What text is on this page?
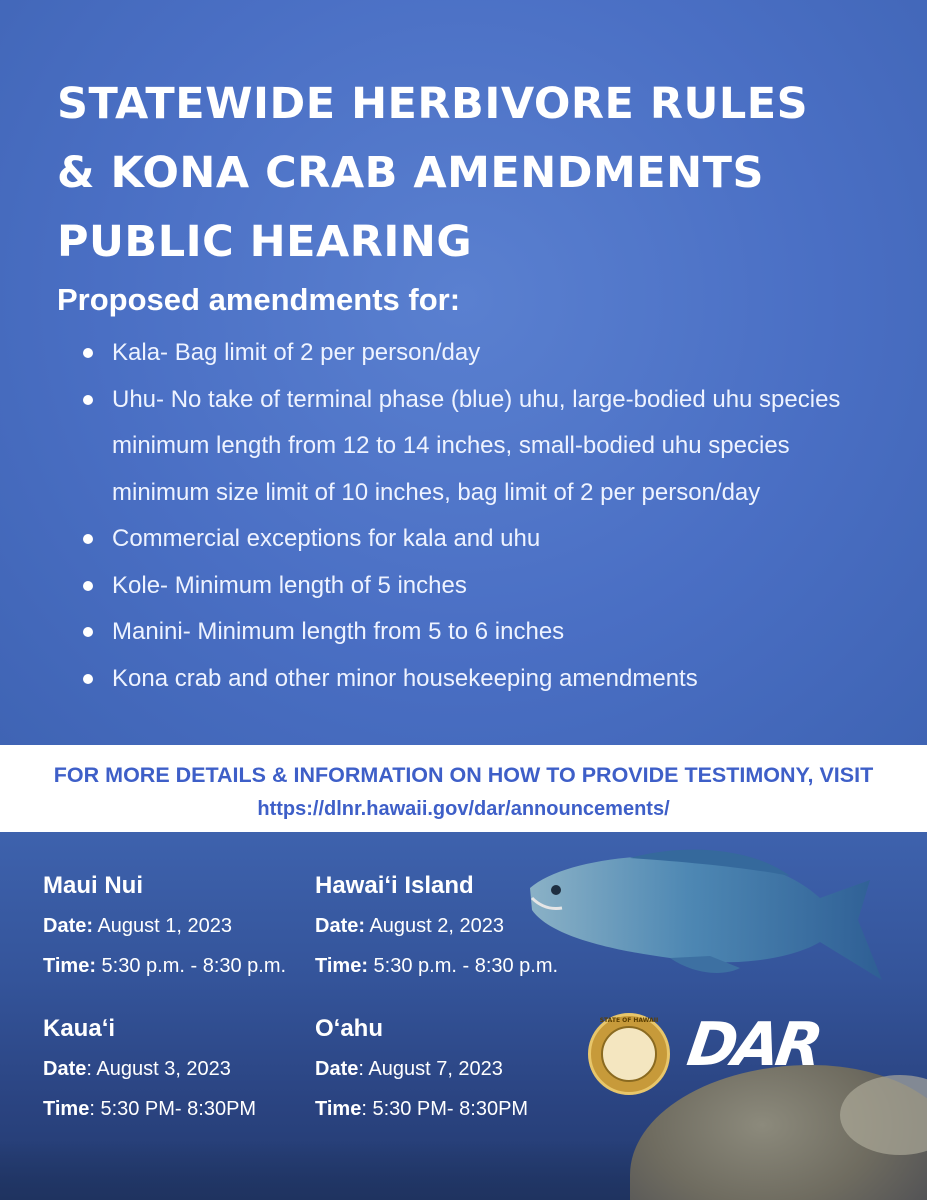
STATEWIDE HERBIVORE RULES
& KONA CRAB AMENDMENTS
PUBLIC HEARING
Proposed amendments for:
Kala- Bag limit of 2 per person/day
Uhu- No take of terminal phase (blue) uhu, large-bodied uhu species minimum length from 12 to 14 inches, small-bodied uhu species minimum size limit of 10 inches, bag limit of 2 per person/day
Commercial exceptions for kala and uhu
Kole- Minimum length of 5 inches
Manini- Minimum length from 5 to 6 inches
Kona crab and other minor housekeeping amendments
FOR MORE DETAILS & INFORMATION ON HOW TO PROVIDE TESTIMONY, VISIT
https://dlnr.hawaii.gov/dar/announcements/
Maui Nui
Date: August 1, 2023
Time: 5:30 p.m. - 8:30 p.m.
Hawaiʻi Island
Date: August 2, 2023
Time: 5:30 p.m. - 8:30 p.m.
Kauaʻi
Date: August 3, 2023
Time: 5:30 PM- 8:30PM
Oʻahu
Date: August 7, 2023
Time: 5:30 PM- 8:30PM
STATE OF HAWAII DAR
